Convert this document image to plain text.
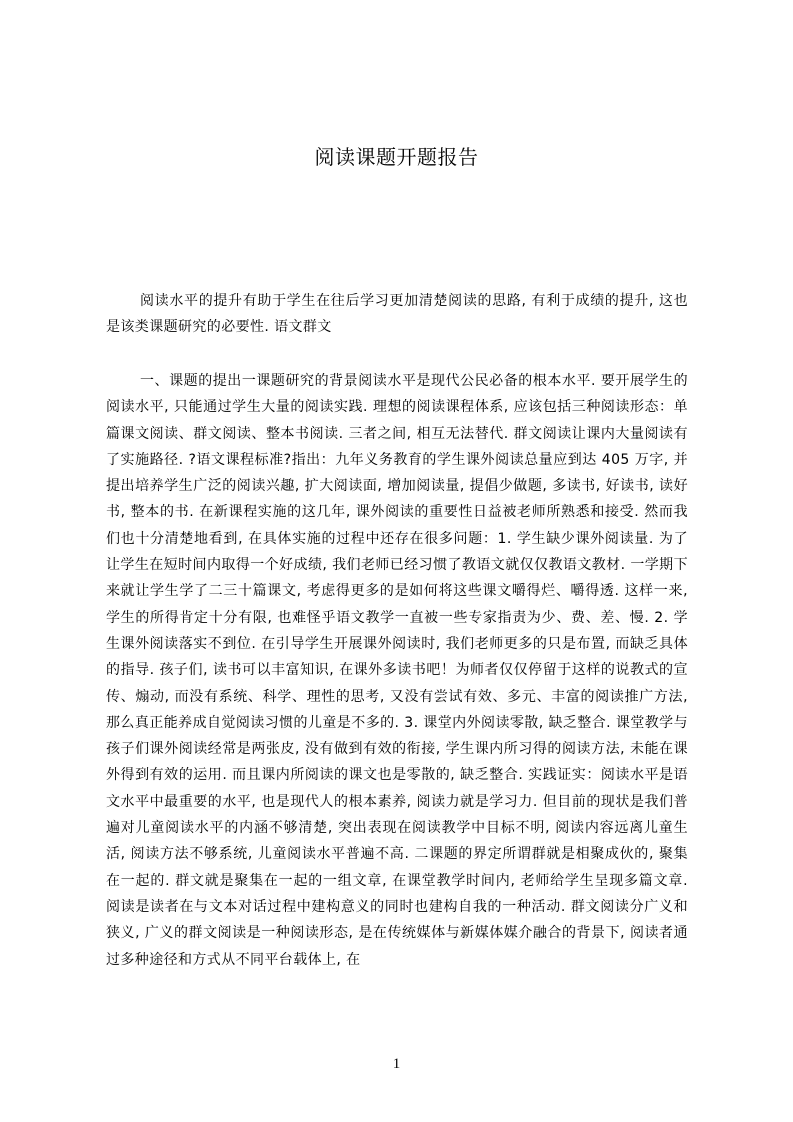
阅读课题开题报告

阅读水平的提升有助于学生在往后学习更加清楚阅读的思路, 有利于成绩的提升, 这也是该类课题研究的必要性. 语文群文

一、课题的提出一课题研究的背景阅读水平是现代公民必备的根本水平. 要开展学生的阅读水平, 只能通过学生大量的阅读实践. 理想的阅读课程体系, 应该包括三种阅读形态：单篇课文阅读、群文阅读、整本书阅读. 三者之间, 相互无法替代. 群文阅读让课内大量阅读有了实施路径. ?语文课程标准?指出：九年义务教育的学生课外阅读总量应到达 405 万字, 并提出培养学生广泛的阅读兴趣, 扩大阅读面, 增加阅读量, 提倡少做题, 多读书, 好读书, 读好书, 整本的书. 在新课程实施的这几年, 课外阅读的重要性日益被老师所熟悉和接受. 然而我们也十分清楚地看到, 在具体实施的过程中还存在很多问题：1. 学生缺少课外阅读量. 为了让学生在短时间内取得一个好成绩, 我们老师已经习惯了教语文就仅仅教语文教材. 一学期下来就让学生学了二三十篇课文, 考虑得更多的是如何将这些课文嚼得烂、嚼得透. 这样一来, 学生的所得肯定十分有限, 也难怪乎语文教学一直被一些专家指责为少、费、差、慢. 2. 学生课外阅读落实不到位. 在引导学生开展课外阅读时, 我们老师更多的只是布置, 而缺乏具体的指导. 孩子们, 读书可以丰富知识, 在课外多读书吧！为师者仅仅停留于这样的说教式的宣传、煽动, 而没有系统、科学、理性的思考, 又没有尝试有效、多元、丰富的阅读推广方法, 那么真正能养成自觉阅读习惯的儿童是不多的. 3. 课堂内外阅读零散, 缺乏整合. 课堂教学与孩子们课外阅读经常是两张皮, 没有做到有效的衔接, 学生课内所习得的阅读方法, 未能在课外得到有效的运用. 而且课内所阅读的课文也是零散的, 缺乏整合. 实践证实：阅读水平是语文水平中最重要的水平, 也是现代人的根本素养, 阅读力就是学习力. 但目前的现状是我们普遍对儿童阅读水平的内涵不够清楚, 突出表现在阅读教学中目标不明, 阅读内容远离儿童生活, 阅读方法不够系统, 儿童阅读水平普遍不高. 二课题的界定所谓群就是相聚成伙的, 聚集在一起的. 群文就是聚集在一起的一组文章, 在课堂教学时间内, 老师给学生呈现多篇文章. 阅读是读者在与文本对话过程中建构意义的同时也建构自我的一种活动. 群文阅读分广义和狭义, 广义的群文阅读是一种阅读形态, 是在传统媒体与新媒体媒介融合的背景下, 阅读者通过多种途径和方式从不同平台载体上, 在

1
